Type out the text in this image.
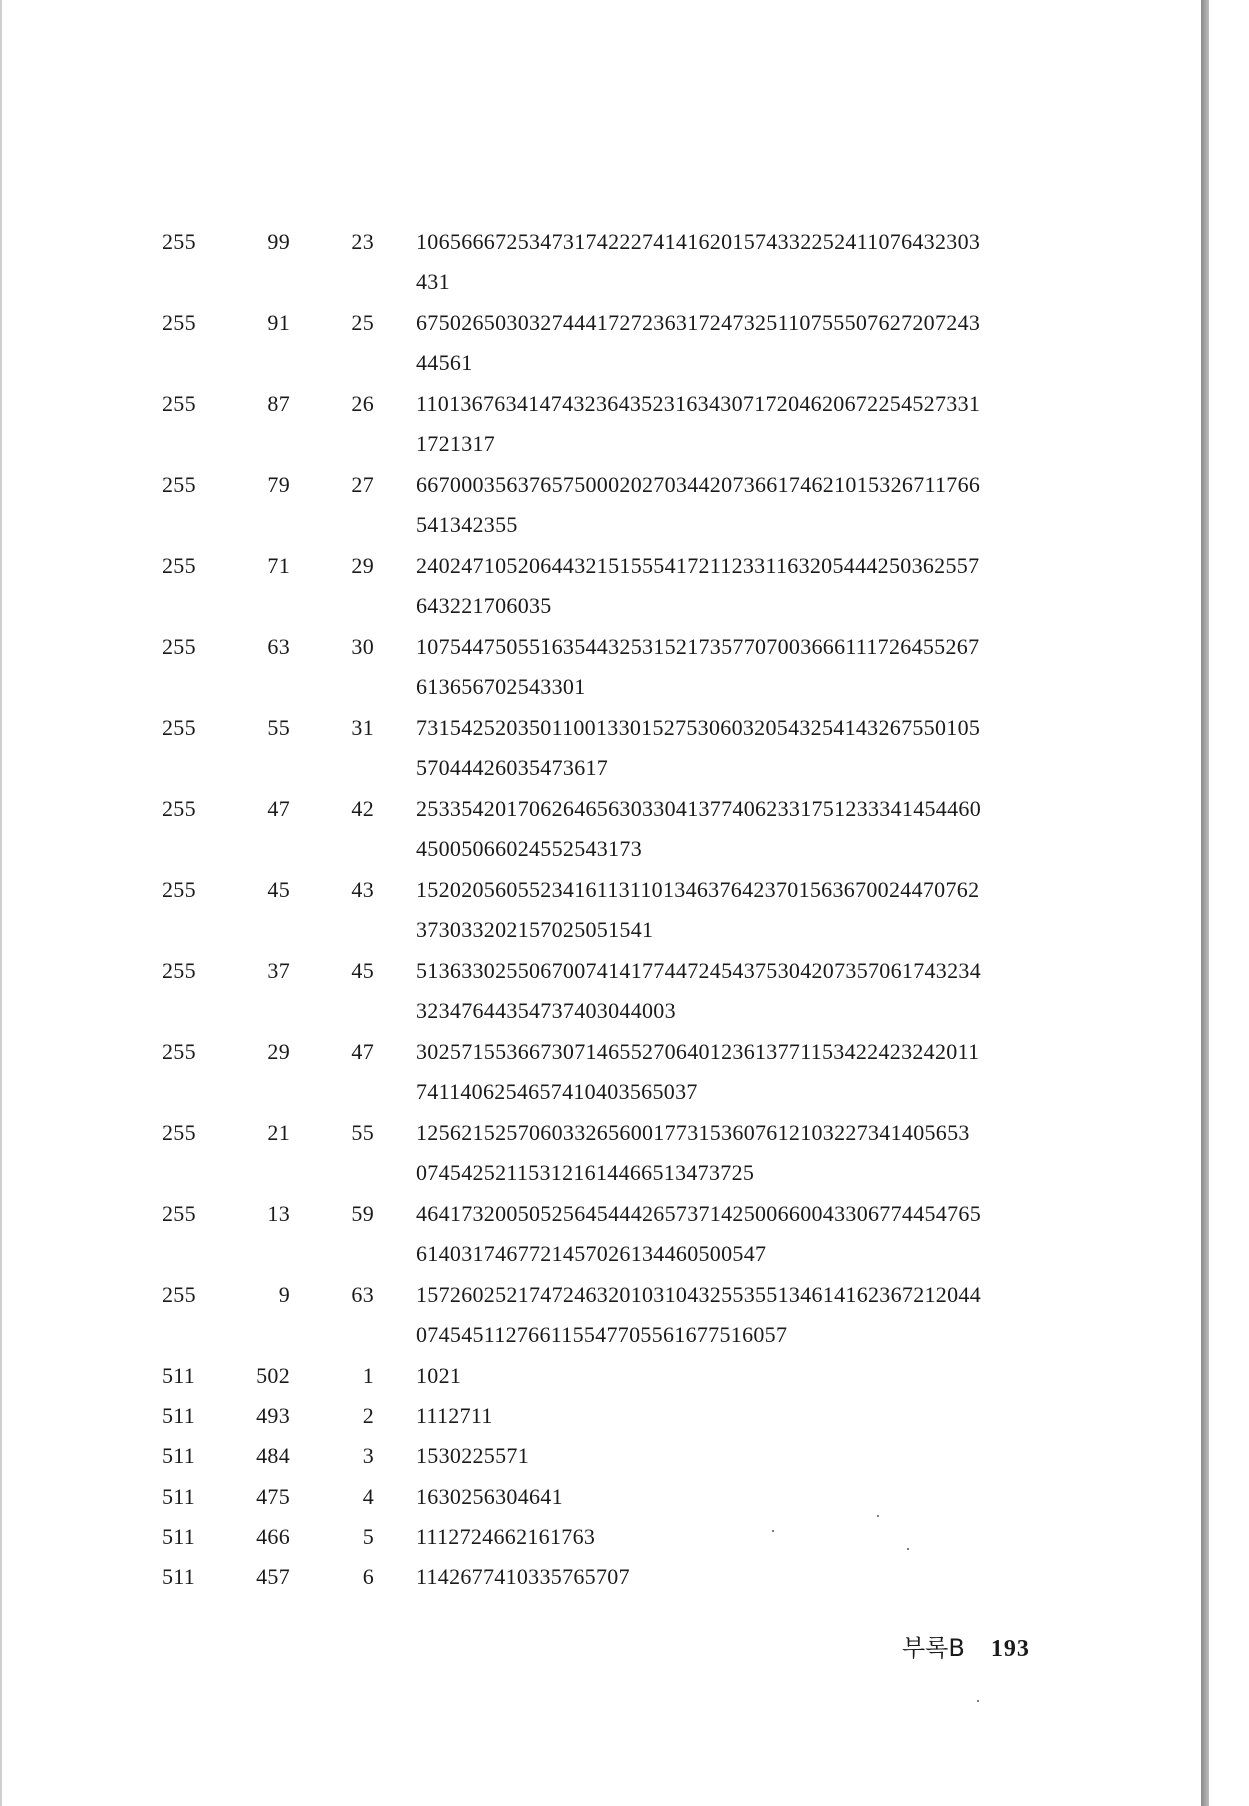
255	99	23 10656667253473174222741416201574332252411076432303
431
255	91	25 67502650303274441727236317247325110755507627207243
44561
255	87	26 11013676341474323643523163430717204620672254527331
1721317
255	79	27 66700035637657500020270344207366174621015326711766
541342355
255	71	29 24024710520644321515554172112331163205444250362557
643221706035
255	63	30 10754475055163544325315217357707003666111726455267
613656702543301
255	55	31 73154252035011001330152753060320543254143267550105
57044426035473617
255	47	42 25335420170626465630330413774062331751233341454460
45005066024552543173
255	45	43 15202056055234161131101346376423701563670024470762
373033202157025051541
255	37	45 51363302550670074141774472454375304207357061743234
32347644354737403044003
255	29	47 30257155366730714655270640123613771153422423242011
7411406254657410403565037
255	21	55 1256215257060332656001773153607612103227341405653
074542521153121614466513473725
255	13	59 46417320050525645444265737142500660043306774454765
6140317467721457026134460500547
255	9	63 15726025217472463201031043255355134614162367212044
074545112766115547705561677516057
511	502	1 1021
511	493	2 1112711
511	484	3 1530225571
511	475	4 1630256304641
511	466	5 1112724662161763
511	457	6 1142677410335765707
부록B 193
